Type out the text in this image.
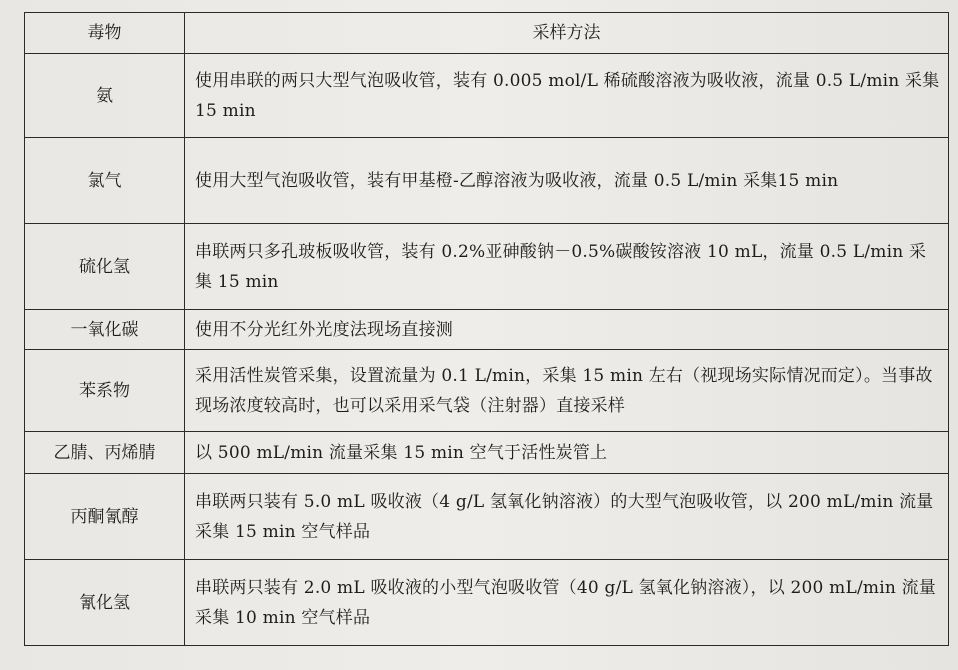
毒物	采样方法
氨	使用串联的两只大型气泡吸收管，装有 0.005 mol/L 稀硫酸溶液为吸收液，流量 0.5 L/min 采集 15 min
氯气	使用大型气泡吸收管，装有甲基橙-乙醇溶液为吸收液，流量 0.5 L/min 采集15 min
硫化氢	串联两只多孔玻板吸收管，装有 0.2%亚砷酸钠－0.5%碳酸铵溶液 10 mL，流量 0.5 L/min 采集 15 min
一氧化碳	使用不分光红外光度法现场直接测
苯系物	采用活性炭管采集，设置流量为 0.1 L/min，采集 15 min 左右（视现场实际情况而定）。当事故现场浓度较高时，也可以采用采气袋（注射器）直接采样
乙腈、丙烯腈	以 500 mL/min 流量采集 15 min 空气于活性炭管上
丙酮氰醇	串联两只装有 5.0 mL 吸收液（4 g/L 氢氧化钠溶液）的大型气泡吸收管，以 200 mL/min 流量采集 15 min 空气样品
氰化氢	串联两只装有 2.0 mL 吸收液的小型气泡吸收管（40 g/L 氢氧化钠溶液），以 200 mL/min 流量采集 10 min 空气样品
